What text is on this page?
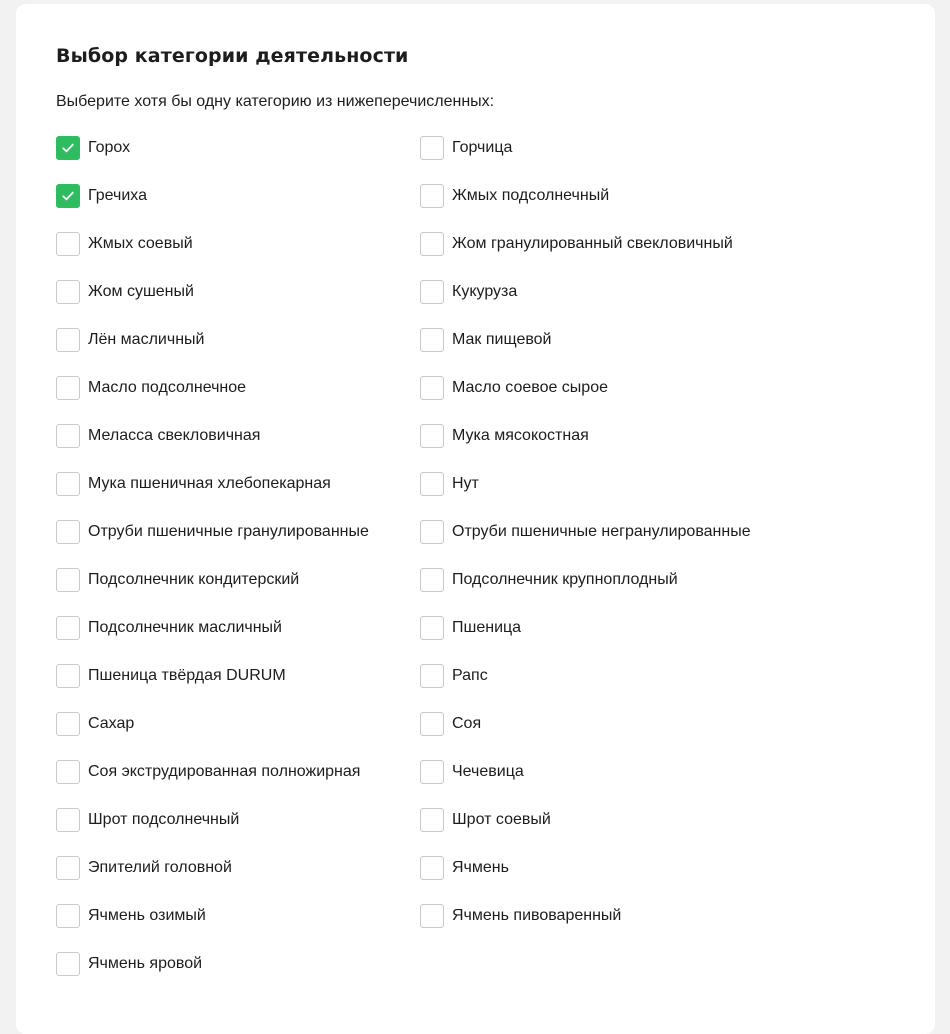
Выбор категории деятельности
Выберите хотя бы одну категорию из нижеперечисленных:
Горох	Горчица
Гречиха	Жмых подсолнечный
Жмых соевый	Жом гранулированный свекловичный
Жом сушеный	Кукуруза
Лён масличный	Мак пищевой
Масло подсолнечное	Масло соевое сырое
Меласса свекловичная	Мука мясокостная
Мука пшеничная хлебопекарная	Нут
Отруби пшеничные гранулированные	Отруби пшеничные негранулированные
Подсолнечник кондитерский	Подсолнечник крупноплодный
Подсолнечник масличный	Пшеница
Пшеница твёрдая DURUM	Рапс
Сахар	Соя
Соя экструдированная полножирная	Чечевица
Шрот подсолнечный	Шрот соевый
Эпителий головной	Ячмень
Ячмень озимый	Ячмень пивоваренный
Ячмень яровой
